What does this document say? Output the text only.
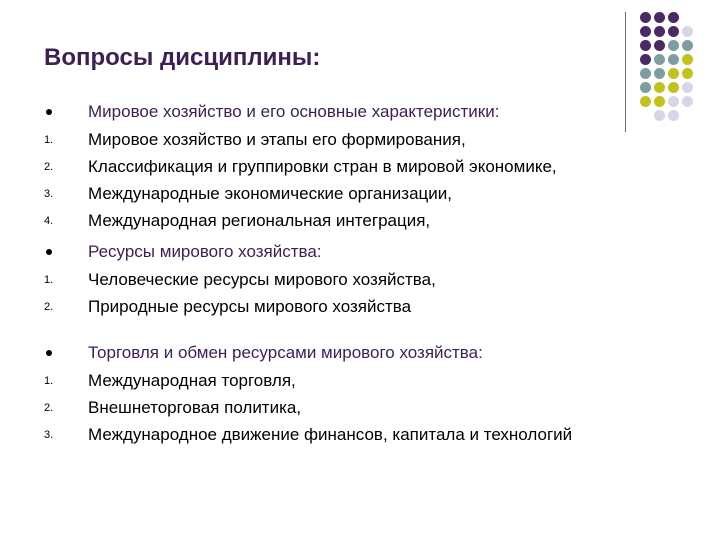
Вопросы дисциплины:
Мировое хозяйство и его основные характеристики:
1. Мировое хозяйство и этапы его формирования,
2. Классификация и группировки стран в мировой экономике,
3. Международные экономические организации,
4. Международная региональная интеграция,
Ресурсы мирового хозяйства:
1. Человеческие ресурсы мирового хозяйства,
2. Природные ресурсы мирового хозяйства
Торговля и обмен ресурсами мирового хозяйства:
1. Международная торговля,
2. Внешнеторговая политика,
3. Международное движение финансов, капитала и технологий
